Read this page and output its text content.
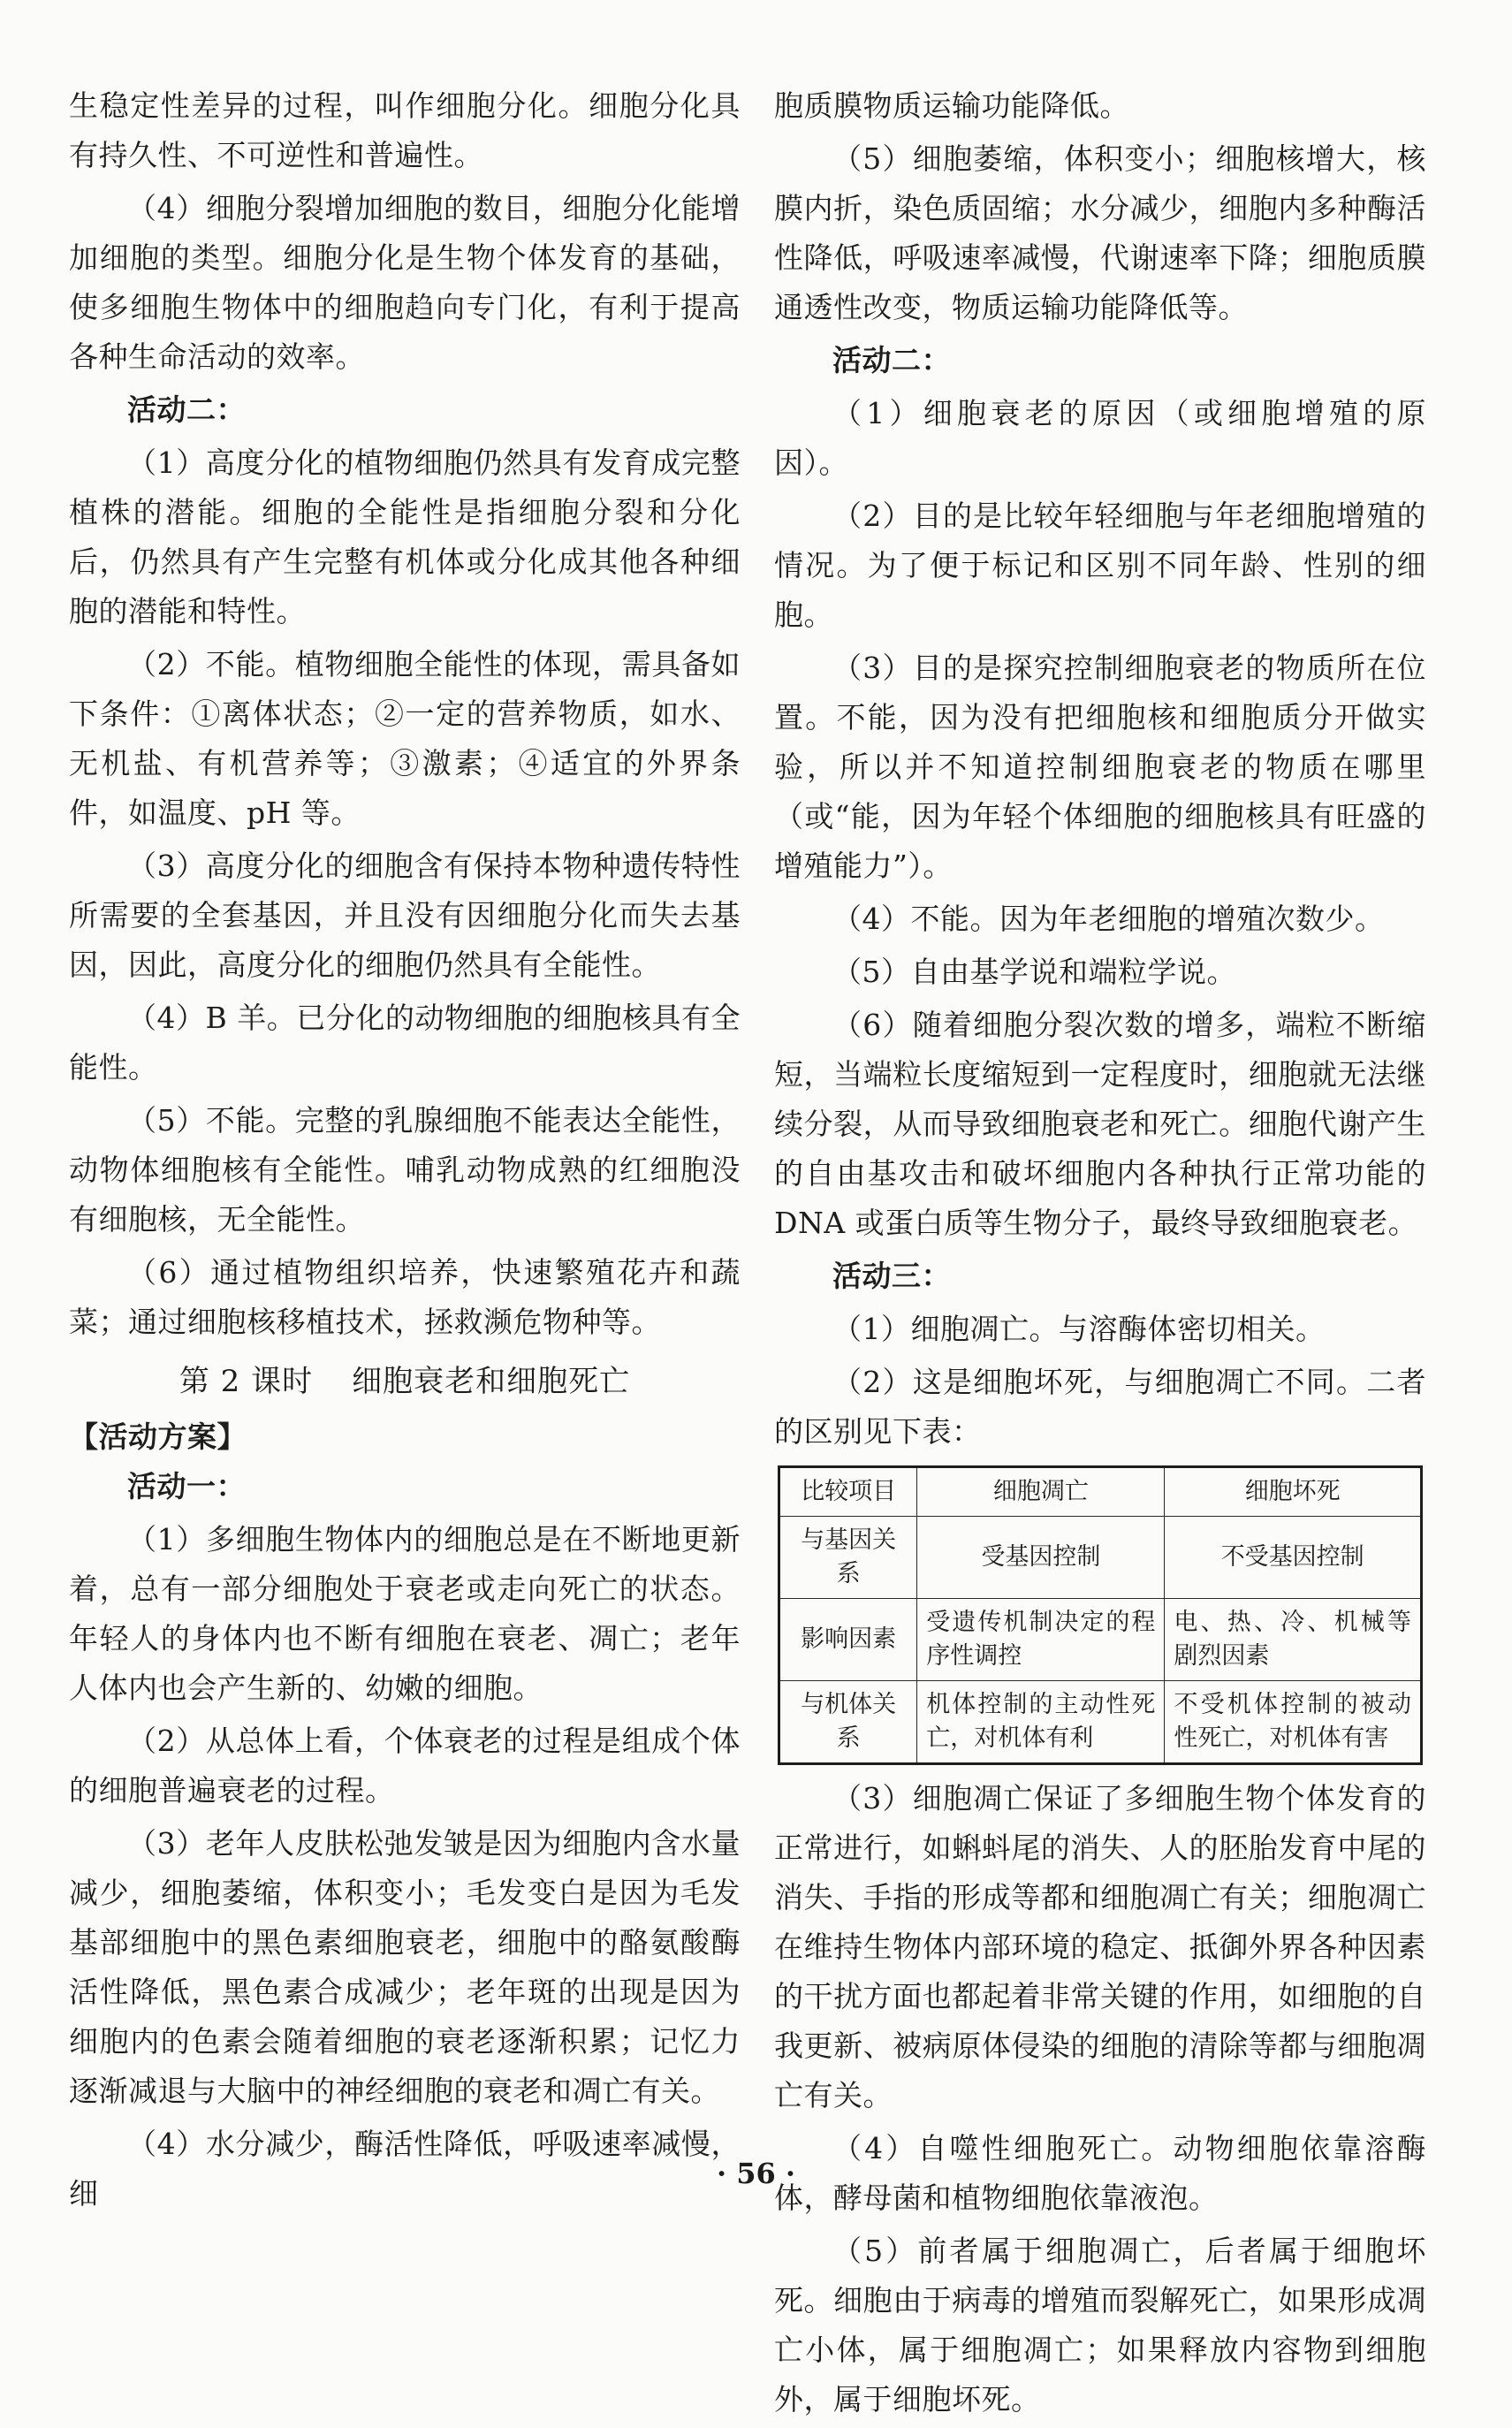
生稳定性差异的过程，叫作细胞分化。细胞分化具有持久性、不可逆性和普遍性。

（4）细胞分裂增加细胞的数目，细胞分化能增加细胞的类型。细胞分化是生物个体发育的基础，使多细胞生物体中的细胞趋向专门化，有利于提高各种生命活动的效率。

活动二：

（1）高度分化的植物细胞仍然具有发育成完整植株的潜能。细胞的全能性是指细胞分裂和分化后，仍然具有产生完整有机体或分化成其他各种细胞的潜能和特性。

（2）不能。植物细胞全能性的体现，需具备如下条件：①离体状态；②一定的营养物质，如水、无机盐、有机营养等；③激素；④适宜的外界条件，如温度、pH 等。

（3）高度分化的细胞含有保持本物种遗传特性所需要的全套基因，并且没有因细胞分化而失去基因，因此，高度分化的细胞仍然具有全能性。

（4）B 羊。已分化的动物细胞的细胞核具有全能性。

（5）不能。完整的乳腺细胞不能表达全能性，动物体细胞核有全能性。哺乳动物成熟的红细胞没有细胞核，无全能性。

（6）通过植物组织培养，快速繁殖花卉和蔬菜；通过细胞核移植技术，拯救濒危物种等。

第 2 课时 细胞衰老和细胞死亡

【活动方案】

活动一：

（1）多细胞生物体内的细胞总是在不断地更新着，总有一部分细胞处于衰老或走向死亡的状态。年轻人的身体内也不断有细胞在衰老、凋亡；老年人体内也会产生新的、幼嫩的细胞。

（2）从总体上看，个体衰老的过程是组成个体的细胞普遍衰老的过程。

（3）老年人皮肤松弛发皱是因为细胞内含水量减少，细胞萎缩，体积变小；毛发变白是因为毛发基部细胞中的黑色素细胞衰老，细胞中的酪氨酸酶活性降低，黑色素合成减少；老年斑的出现是因为细胞内的色素会随着细胞的衰老逐渐积累；记忆力逐渐减退与大脑中的神经细胞的衰老和凋亡有关。

（4）水分减少，酶活性降低，呼吸速率减慢，细

胞质膜物质运输功能降低。

（5）细胞萎缩，体积变小；细胞核增大，核膜内折，染色质固缩；水分减少，细胞内多种酶活性降低，呼吸速率减慢，代谢速率下降；细胞质膜通透性改变，物质运输功能降低等。

活动二：

（1）细胞衰老的原因（或细胞增殖的原因）。

（2）目的是比较年轻细胞与年老细胞增殖的情况。为了便于标记和区别不同年龄、性别的细胞。

（3）目的是探究控制细胞衰老的物质所在位置。不能，因为没有把细胞核和细胞质分开做实验，所以并不知道控制细胞衰老的物质在哪里（或“能，因为年轻个体细胞的细胞核具有旺盛的增殖能力”）。

（4）不能。因为年老细胞的增殖次数少。

（5）自由基学说和端粒学说。

（6）随着细胞分裂次数的增多，端粒不断缩短，当端粒长度缩短到一定程度时，细胞就无法继续分裂，从而导致细胞衰老和死亡。细胞代谢产生的自由基攻击和破坏细胞内各种执行正常功能的 DNA 或蛋白质等生物分子，最终导致细胞衰老。

活动三：

（1）细胞凋亡。与溶酶体密切相关。

（2）这是细胞坏死，与细胞凋亡不同。二者的区别见下表：

比较项目	细胞凋亡	细胞坏死
与基因关系	受基因控制	不受基因控制
影响因素	受遗传机制决定的程序性调控	电、热、冷、机械等剧烈因素
与机体关系	机体控制的主动性死亡，对机体有利	不受机体控制的被动性死亡，对机体有害

（3）细胞凋亡保证了多细胞生物个体发育的正常进行，如蝌蚪尾的消失、人的胚胎发育中尾的消失、手指的形成等都和细胞凋亡有关；细胞凋亡在维持生物体内部环境的稳定、抵御外界各种因素的干扰方面也都起着非常关键的作用，如细胞的自我更新、被病原体侵染的细胞的清除等都与细胞凋亡有关。

（4）自噬性细胞死亡。动物细胞依靠溶酶体，酵母菌和植物细胞依靠液泡。

（5）前者属于细胞凋亡，后者属于细胞坏死。细胞由于病毒的增殖而裂解死亡，如果形成凋亡小体，属于细胞凋亡；如果释放内容物到细胞外，属于细胞坏死。

· 56 ·
